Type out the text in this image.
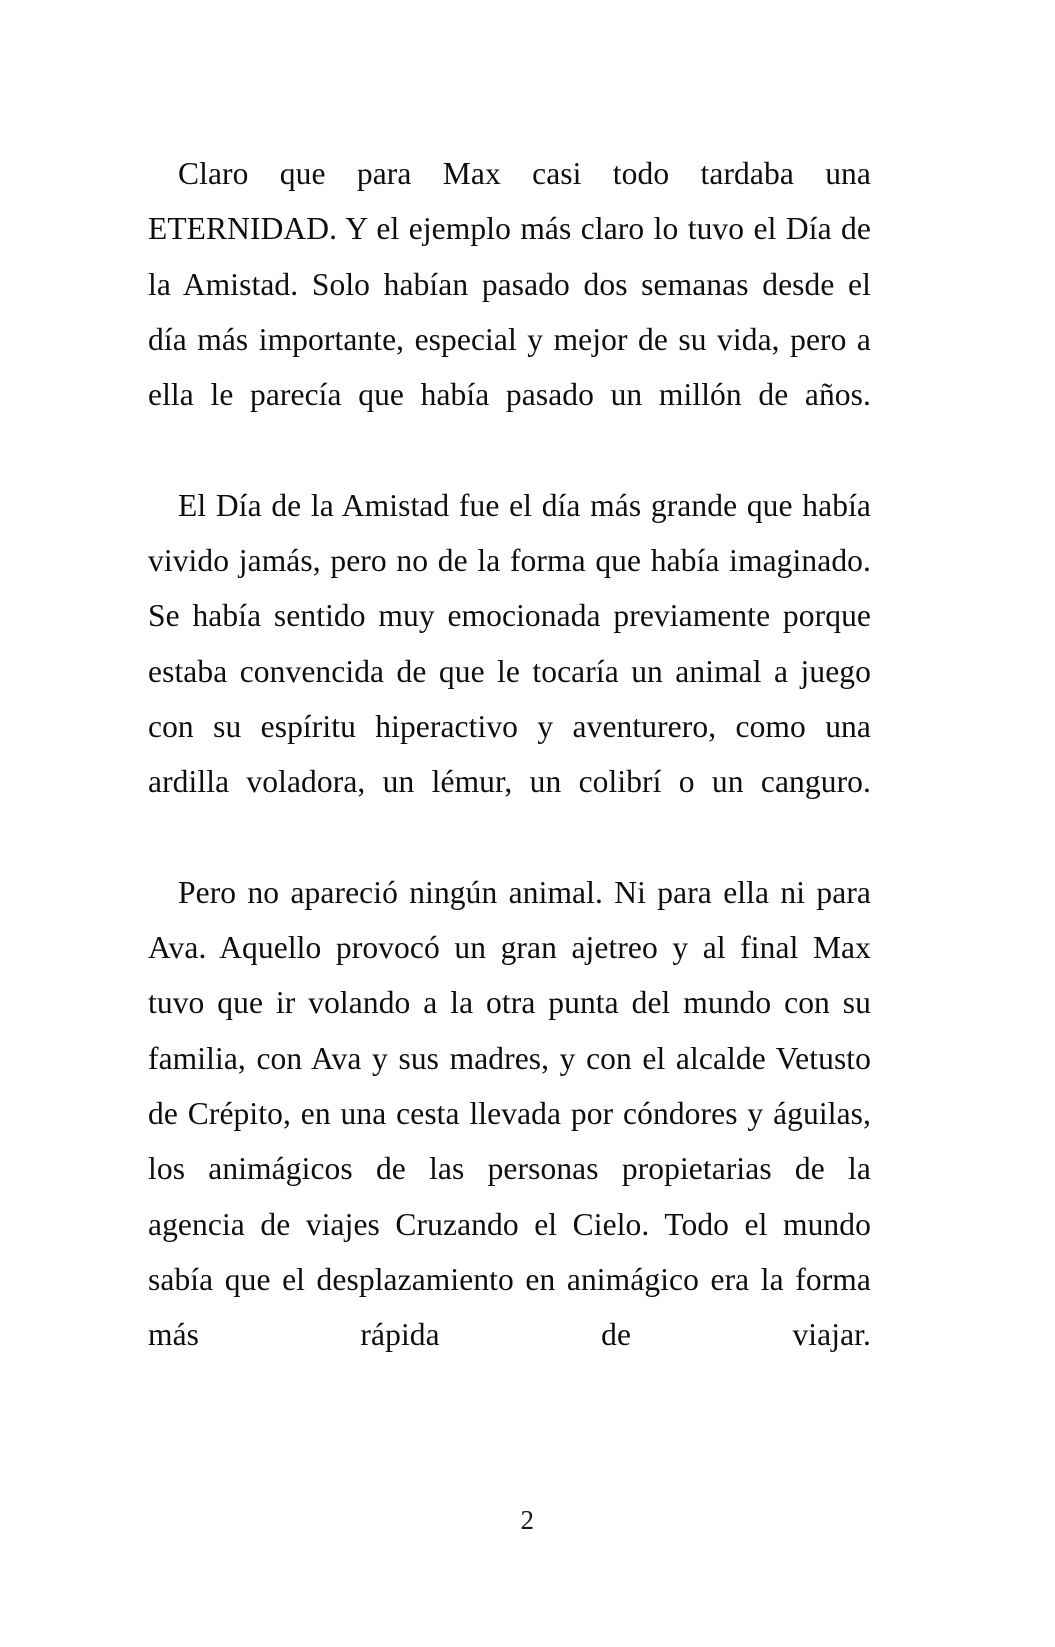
Claro que para Max casi todo tardaba una ETERNIDAD. Y el ejemplo más claro lo tuvo el Día de la Amistad. Solo habían pasado dos semanas desde el día más importante, especial y mejor de su vida, pero a ella le parecía que había pasado un millón de años.

El Día de la Amistad fue el día más grande que había vivido jamás, pero no de la forma que había imaginado. Se había sentido muy emocionada previamente porque estaba convencida de que le tocaría un animal a juego con su espíritu hiperactivo y aventurero, como una ardilla voladora, un lémur, un colibrí o un canguro.

Pero no apareció ningún animal. Ni para ella ni para Ava. Aquello provocó un gran ajetreo y al final Max tuvo que ir volando a la otra punta del mundo con su familia, con Ava y sus madres, y con el alcalde Vetusto de Crépito, en una cesta llevada por cóndores y águilas, los animágicos de las personas propietarias de la agencia de viajes Cruzando el Cielo. Todo el mundo sabía que el desplazamiento en animágico era la forma más rápida de viajar.

2
